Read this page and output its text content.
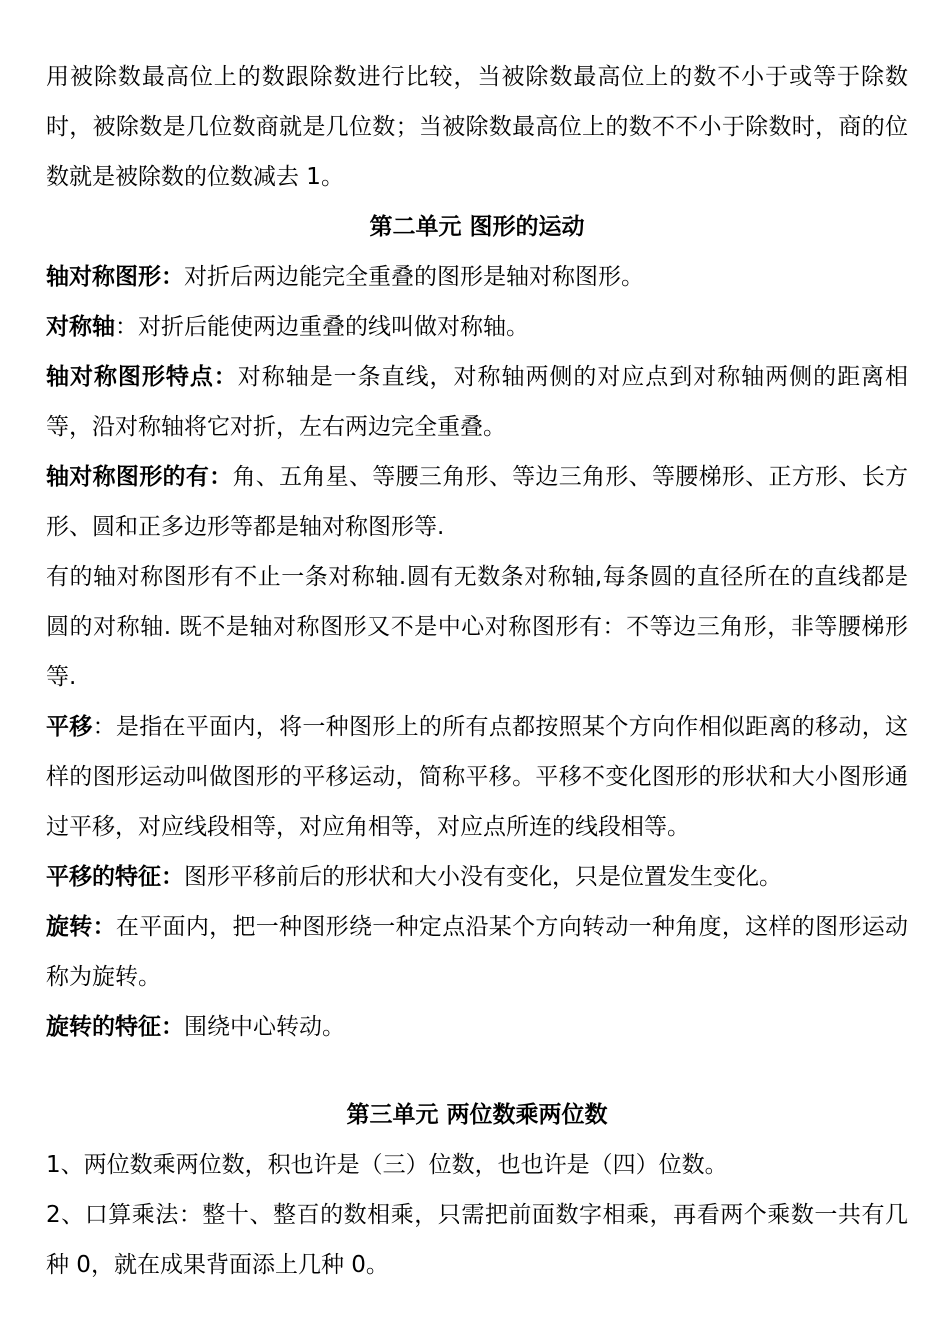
用被除数最高位上的数跟除数进行比较，当被除数最高位上的数不小于或等于除数时，被除数是几位数商就是几位数；当被除数最高位上的数不不小于除数时，商的位数就是被除数的位数减去 1。

第二单元 图形的运动

轴对称图形：对折后两边能完全重叠的图形是轴对称图形。

对称轴：对折后能使两边重叠的线叫做对称轴。

轴对称图形特点：对称轴是一条直线，对称轴两侧的对应点到对称轴两侧的距离相等，沿对称轴将它对折，左右两边完全重叠。

轴对称图形的有：角、五角星、等腰三角形、等边三角形、等腰梯形、正方形、长方形、圆和正多边形等都是轴对称图形等.

有的轴对称图形有不止一条对称轴.圆有无数条对称轴,每条圆的直径所在的直线都是圆的对称轴. 既不是轴对称图形又不是中心对称图形有：不等边三角形，非等腰梯形等.

平移：是指在平面内，将一种图形上的所有点都按照某个方向作相似距离的移动，这样的图形运动叫做图形的平移运动，简称平移。平移不变化图形的形状和大小图形通过平移，对应线段相等，对应角相等，对应点所连的线段相等。

平移的特征：图形平移前后的形状和大小没有变化，只是位置发生变化。

旋转：在平面内，把一种图形绕一种定点沿某个方向转动一种角度，这样的图形运动称为旋转。

旋转的特征：围绕中心转动。

第三单元 两位数乘两位数

1、两位数乘两位数，积也许是（三）位数，也也许是（四）位数。

2、口算乘法：整十、整百的数相乘，只需把前面数字相乘，再看两个乘数一共有几种 0，就在成果背面添上几种 0。
